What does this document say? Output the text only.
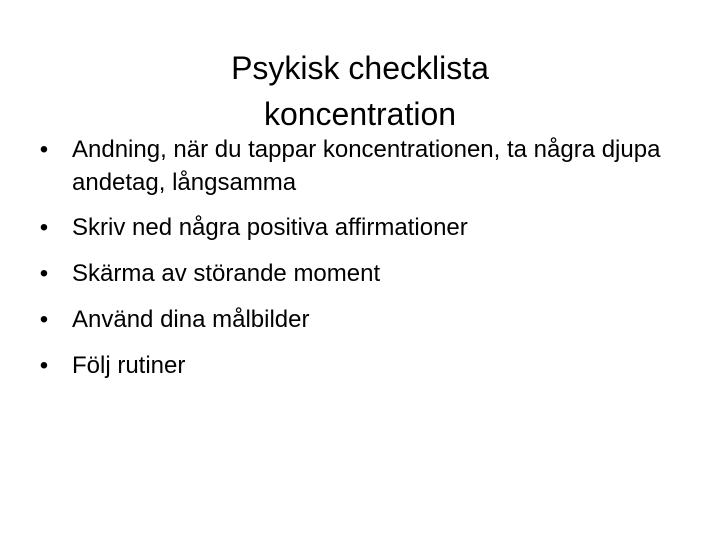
Psykisk checklista
koncentration
• Andning, när du tappar koncentrationen, ta några djupa andetag, långsamma
• Skriv ned några positiva affirmationer
• Skärma av störande moment
• Använd dina målbilder
• Följ rutiner
